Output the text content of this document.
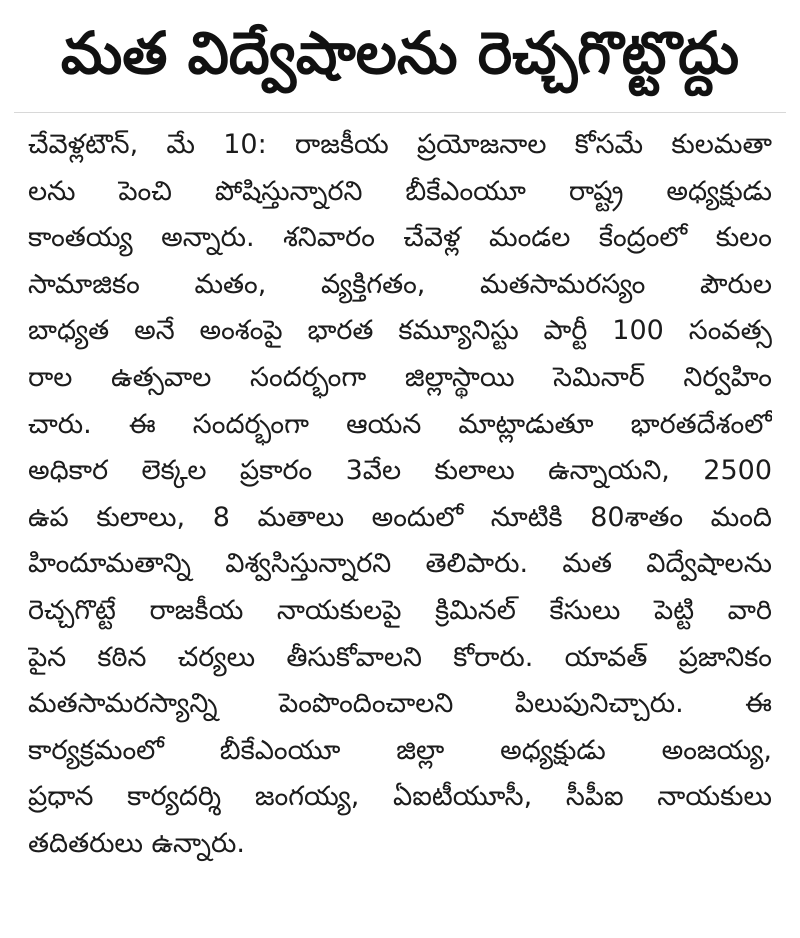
మత విద్వేషాలను రెచ్చగొట్టొద్దు
చేవెళ్లటౌన్, మే 10: రాజకీయ ప్రయోజనాల కోసమే కులమతా
లను పెంచి పోషిస్తున్నారని బీకేఎంయూ రాష్ట్ర అధ్యక్షుడు
కాంతయ్య అన్నారు. శనివారం చేవెళ్ల మండల కేంద్రంలో కులం
సామాజికం మతం, వ్యక్తిగతం, మతసామరస్యం పౌరుల
బాధ్యత అనే అంశంపై భారత కమ్యూనిస్టు పార్టీ 100 సంవత్స
రాల ఉత్సవాల సందర్భంగా జిల్లాస్థాయి సెమినార్ నిర్వహిం
చారు. ఈ సందర్భంగా ఆయన మాట్లాడుతూ భారతదేశంలో
అధికార లెక్కల ప్రకారం 3వేల కులాలు ఉన్నాయని, 2500
ఉప కులాలు, 8 మతాలు అందులో నూటికి 80శాతం మంది
హిందూమతాన్ని విశ్వసిస్తున్నారని తెలిపారు. మత విద్వేషాలను
రెచ్చగొట్టే రాజకీయ నాయకులపై క్రిమినల్ కేసులు పెట్టి వారి
పైన కఠిన చర్యలు తీసుకోవాలని కోరారు. యావత్ ప్రజానికం
మతసామరస్యాన్ని పెంపొందించాలని పిలుపునిచ్చారు. ఈ
కార్యక్రమంలో బీకేఎంయూ జిల్లా అధ్యక్షుడు అంజయ్య,
ప్రధాన కార్యదర్శి జంగయ్య, ఏఐటీయూసీ, సీపీఐ నాయకులు
తదితరులు ఉన్నారు.
